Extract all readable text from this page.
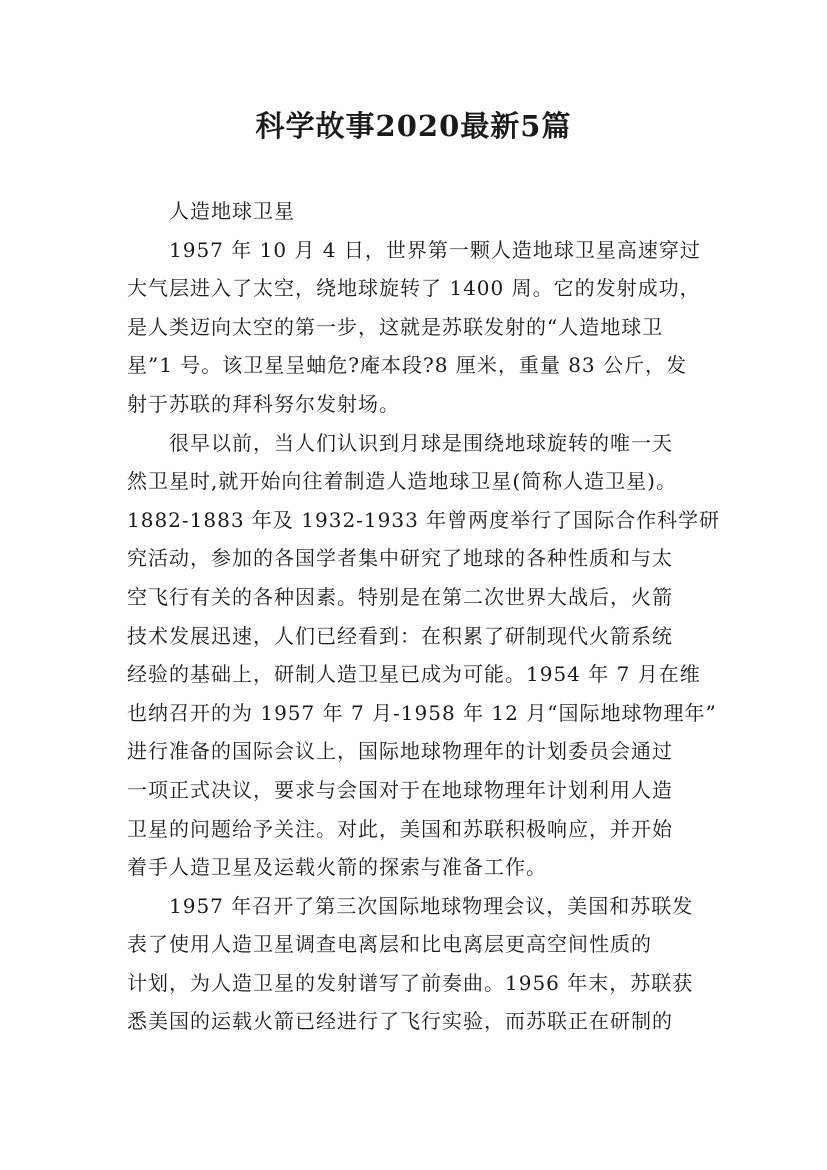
科学故事2020最新5篇
人造地球卫星
1957 年 10 月 4 日，世界第一颗人造地球卫星高速穿过
大气层进入了太空，绕地球旋转了 1400 周。它的发射成功，
是人类迈向太空的第一步，这就是苏联发射的“人造地球卫
星”1 号。该卫星呈蚰危?庵本段?8 厘米，重量 83 公斤，发
射于苏联的拜科努尔发射场。
很早以前，当人们认识到月球是围绕地球旋转的唯一天
然卫星时,就开始向往着制造人造地球卫星(简称人造卫星)。
1882-1883 年及 1932-1933 年曾两度举行了国际合作科学研
究活动，参加的各国学者集中研究了地球的各种性质和与太
空飞行有关的各种因素。特别是在第二次世界大战后，火箭
技术发展迅速，人们已经看到：在积累了研制现代火箭系统
经验的基础上，研制人造卫星已成为可能。1954 年 7 月在维
也纳召开的为 1957 年 7 月-1958 年 12 月“国际地球物理年”
进行准备的国际会议上，国际地球物理年的计划委员会通过
一项正式决议，要求与会国对于在地球物理年计划利用人造
卫星的问题给予关注。对此，美国和苏联积极响应，并开始
着手人造卫星及运载火箭的探索与准备工作。
1957 年召开了第三次国际地球物理会议，美国和苏联发
表了使用人造卫星调查电离层和比电离层更高空间性质的
计划，为人造卫星的发射谱写了前奏曲。1956 年末，苏联获
悉美国的运载火箭已经进行了飞行实验，而苏联正在研制的
